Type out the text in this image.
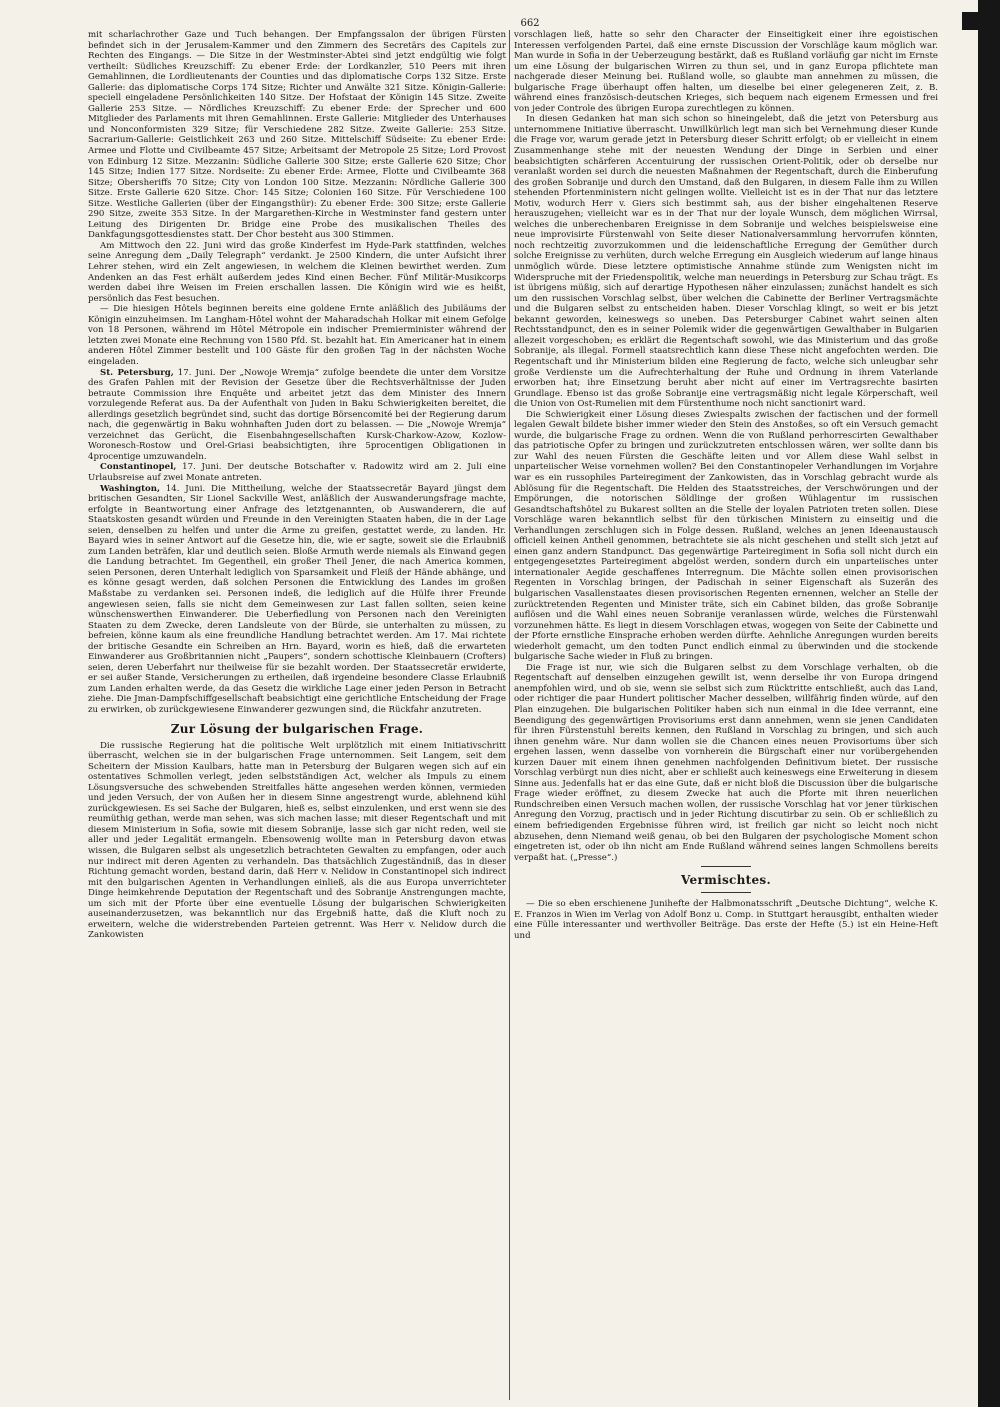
662

mit scharlachrother Gaze und Tuch behangen. Der Empfangssalon der übrigen Fürsten befindet sich in der Jerusalem-Kammer und den Zimmern des Secretärs des Capitels zur Rechten des Eingangs. — Die Sitze in der Westminster-Abtei sind jetzt endgültig wie folgt vertheilt: Südliches Kreuzschiff: Zu ebener Erde: der Lordkanzler, 510 Peers mit ihren Gemahlinnen, die Lordlieutenants der Counties und das diplomatische Corps 132 Sitze. Erste Gallerie: das diplomatische Corps 174 Sitze; Richter und Anwälte 321 Sitze. Königin-Gallerie: speciell eingeladene Persönlichkeiten 140 Sitze. Der Hofstaat der Königin 145 Sitze. Zweite Gallerie 253 Sitze. — Nördliches Kreuzschiff: Zu ebener Erde: der Sprecher und 600 Mitglieder des Parlaments mit ihren Gemahlinnen. Erste Gallerie: Mitglieder des Unterhauses und Nonconformisten 329 Sitze; für Verschiedene 282 Sitze. Zweite Gallerie: 253 Sitze. Sacrarium-Gallerie: Geistlichkeit 263 und 260 Sitze. Mittelschiff Südseite: Zu ebener Erde: Armee und Flotte und Civilbeamte 457 Sitze; Arbeitsamt der Metropole 25 Sitze; Lord Provost von Edinburg 12 Sitze. Mezzanin: Südliche Gallerie 300 Sitze; erste Gallerie 620 Sitze; Chor 145 Sitze; Indien 177 Sitze. Nordseite: Zu ebener Erde: Armee, Flotte und Civilbeamte 368 Sitze; Obersheriffs 70 Sitze; City von London 100 Sitze. Mezzanin: Nördliche Gallerie 300 Sitze. Erste Gallerie 620 Sitze. Chor: 145 Sitze; Colonien 160 Sitze. Für Verschiedene 100 Sitze. Westliche Gallerien (über der Eingangsthür): Zu ebener Erde: 300 Sitze; erste Gallerie 290 Sitze, zweite 353 Sitze. In der Margarethen-Kirche in Westminster fand gestern unter Leitung des Dirigenten Dr. Bridge eine Probe des musikalischen Theiles des Dankfagungsgottesdienstes statt. Der Chor besteht aus 300 Stimmen.

Am Mittwoch den 22. Juni wird das große Kinderfest im Hyde-Park stattfinden, welches seine Anregung dem „Daily Telegraph“ verdankt. Je 2500 Kindern, die unter Aufsicht ihrer Lehrer stehen, wird ein Zelt angewiesen, in welchem die Kleinen bewirthet werden. Zum Andenken an das Fest erhält außerdem jedes Kind einen Becher. Fünf Militär-Musikcorps werden dabei ihre Weisen im Freien erschallen lassen. Die Königin wird wie es heißt, persönlich das Fest besuchen.

— Die hiesigen Hôtels beginnen bereits eine goldene Ernte anläßlich des Jubiläums der Königin einzuheimsen. Im Langham-Hôtel wohnt der Maharadschah Holkar mit einem Gefolge von 18 Personen, während im Hôtel Métropole ein indischer Premierminister während der letzten zwei Monate eine Rechnung von 1580 Pfd. St. bezahlt hat. Ein Americaner hat in einem anderen Hôtel Zimmer bestellt und 100 Gäste für den großen Tag in der nächsten Woche eingeladen.

St. Petersburg, 17. Juni. Der „Nowoje Wremja“ zufolge beendete die unter dem Vorsitze des Grafen Pahlen mit der Revision der Gesetze über die Rechtsverhältnisse der Juden betraute Commission ihre Enquête und arbeitet jetzt das dem Minister des Innern vorzulegende Referat aus. Da der Aufenthalt von Juden in Baku Schwierigkeiten bereitet, die allerdings gesetzlich begründet sind, sucht das dortige Börsencomité bei der Regierung darum nach, die gegenwärtig in Baku wohnhaften Juden dort zu belassen. — Die „Nowoje Wremja“ verzeichnet das Gerücht, die Eisenbahngesellschaften Kursk-Charkow-Azow, Kozlow-Woronesch-Rostow und Orel-Griasi beabsichtigten, ihre 5procentigen Obligationen in 4procentige umzuwandeln.

Constantinopel, 17. Juni. Der deutsche Botschafter v. Radowitz wird am 2. Juli eine Urlaubsreise auf zwei Monate antreten.

Washington, 14. Juni. Die Mittheilung, welche der Staatssecretär Bayard jüngst dem britischen Gesandten, Sir Lionel Sackville West, anläßlich der Auswanderungsfrage machte, erfolgte in Beantwortung einer Anfrage des letztgenannten, ob Auswanderern, die auf Staatskosten gesandt würden und Freunde in den Vereinigten Staaten haben, die in der Lage seien, denselben zu helfen und unter die Arme zu greifen, gestattet werde, zu landen. Hr. Bayard wies in seiner Antwort auf die Gesetze hin, die, wie er sagte, soweit sie die Erlaubniß zum Landen beträfen, klar und deutlich seien. Bloße Armuth werde niemals als Einwand gegen die Landung betrachtet. Im Gegentheil, ein großer Theil Jener, die nach America kommen, seien Personen, deren Unterhalt lediglich von Sparsamkeit und Fleiß der Hände abhänge, und es könne gesagt werden, daß solchen Personen die Entwicklung des Landes im großen Maßstabe zu verdanken sei. Personen indeß, die lediglich auf die Hülfe ihrer Freunde angewiesen seien, falls sie nicht dem Gemeinwesen zur Last fallen sollten, seien keine wünschenswerthen Einwanderer. Die Ueberfiedlung von Personen nach den Vereinigten Staaten zu dem Zwecke, deren Landsleute von der Bürde, sie unterhalten zu müssen, zu befreien, könne kaum als eine freundliche Handlung betrachtet werden. Am 17. Mai richtete der britische Gesandte ein Schreiben an Hrn. Bayard, worin es hieß, daß die erwarteten Einwanderer aus Großbritannien nicht „Paupers“, sondern schottische Kleinbauern (Crofters) seien, deren Ueberfahrt nur theilweise für sie bezahlt worden. Der Staatssecretär erwiderte, er sei außer Stande, Versicherungen zu ertheilen, daß irgendeine besondere Classe Erlaubniß zum Landen erhalten werde, da das Gesetz die wirkliche Lage einer jeden Person in Betracht ziehe. Die Jman-Dampfschiffgesellschaft beabsichtigt eine gerichtliche Entscheidung der Frage zu erwirken, ob zurückgewiesene Einwanderer gezwungen sind, die Rückfahr anzutreten.

Zur Lösung der bulgarischen Frage.

Die russische Regierung hat die politische Welt urplötzlich mit einem Initiativschritt überrascht, welchen sie in der bulgarischen Frage unternommen. Seit Langem, seit dem Scheitern der Mission Kaulbars, hatte man in Petersburg der Bulgaren wegen sich auf ein ostentatives Schmollen verlegt, jeden selbstständigen Act, welcher als Impuls zu einem Lösungsversuche des schwebenden Streitfalles hätte angesehen werden können, vermieden und jeden Versuch, der von Außen her in diesem Sinne angestrengt wurde, ablehnend kühl zurückgewiesen. Es sei Sache der Bulgaren, hieß es, selbst einzulenken, und erst wenn sie des reumüthig gethan, werde man sehen, was sich machen lasse; mit dieser Regentschaft und mit diesem Ministerium in Sofia, sowie mit diesem Sobranije, lasse sich gar nicht reden, weil sie aller und jeder Legalität ermangeln. Ebensowenig wollte man in Petersburg davon etwas wissen, die Bulgaren selbst als ungesetzlich betrachteten Gewalten zu empfangen, oder auch nur indirect mit deren Agenten zu verhandeln. Das thatsächlich Zugeständniß, das in dieser Richtung gemacht worden, bestand darin, daß Herr v. Nelidow in Constantinopel sich indirect mit den bulgarischen Agenten in Verhandlungen einließ, als die aus Europa unverrichteter Dinge heimkehrende Deputation der Regentschaft und des Sobranije Anstrengungen machte, um sich mit der Pforte über eine eventuelle Lösung der bulgarischen Schwierigkeiten auseinanderzusetzen, was bekanntlich nur das Ergebniß hatte, daß die Kluft noch zu erweitern, welche die widerstrebenden Parteien getrennt. Was Herr v. Nelidow durch die Zankowisten

vorschlagen ließ, hatte so sehr den Character der Einseitigkeit einer ihre egoistischen Interessen verfolgenden Partei, daß eine ernste Discussion der Vorschläge kaum möglich war. Man wurde in Sofia in der Ueberzeugung bestärkt, daß es Rußland vorläufig gar nicht im Ernste um eine Lösung der bulgarischen Wirren zu thun sei, und in ganz Europa pflichtete man nachgerade dieser Meinung bei. Rußland wolle, so glaubte man annehmen zu müssen, die bulgarische Frage überhaupt offen halten, um dieselbe bei einer gelegeneren Zeit, z. B. während eines französisch-deutschen Krieges, sich bequem nach eigenem Ermessen und frei von jeder Controle des übrigen Europa zurechtlegen zu können.

In diesen Gedanken hat man sich schon so hineingelebt, daß die jetzt von Petersburg aus unternommene Initiative überrascht. Unwillkürlich legt man sich bei Vernehmung dieser Kunde die Frage vor, warum gerade jetzt in Petersburg dieser Schritt erfolgt; ob er vielleicht in einem Zusammenhange stehe mit der neuesten Wendung der Dinge in Serbien und einer beabsichtigten schärferen Accentuirung der russischen Orient-Politik, oder ob derselbe nur veranlaßt worden sei durch die neuesten Maßnahmen der Regentschaft, durch die Einberufung des großen Sobranije und durch den Umstand, daß den Bulgaren, in diesem Falle ihm zu Willen stehenden Pfortenministern nicht gelingen wollte. Vielleicht ist es in der That nur das letztere Motiv, wodurch Herr v. Giers sich bestimmt sah, aus der bisher eingehaltenen Reserve herauszugehen; vielleicht war es in der That nur der loyale Wunsch, dem möglichen Wirrsal, welches die unberechenbaren Ereignisse in dem Sobranije und welches beispielsweise eine neue improvisirte Fürstenwahl von Seite dieser Nationalversammlung hervorrufen könnten, noch rechtzeitig zuvorzukommen und die leidenschaftliche Erregung der Gemüther durch solche Ereignisse zu verhüten, durch welche Erregung ein Ausgleich wiederum auf lange hinaus unmöglich würde. Diese letztere optimistische Annahme stünde zum Wenigsten nicht im Widerspruche mit der Friedenspolitik, welche man neuerdings in Petersburg zur Schau trägt. Es ist übrigens müßig, sich auf derartige Hypothesen näher einzulassen; zunächst handelt es sich um den russischen Vorschlag selbst, über welchen die Cabinette der Berliner Vertragsmächte und die Bulgaren selbst zu entscheiden haben. Dieser Vorschlag klingt, so weit er bis jetzt bekannt geworden, keineswegs so uneben. Das Petersburger Cabinet wahrt seinen alten Rechtsstandpunct, den es in seiner Polemik wider die gegenwärtigen Gewalthaber in Bulgarien allezeit vorgeschoben; es erklärt die Regentschaft sowohl, wie das Ministerium und das große Sobranije, als illegal. Formell staatsrechtlich kann diese These nicht angefochten werden. Die Regentschaft und ihr Ministerium bilden eine Regierung de facto, welche sich unleugbar sehr große Verdienste um die Aufrechterhaltung der Ruhe und Ordnung in ihrem Vaterlande erworben hat; ihre Einsetzung beruht aber nicht auf einer im Vertragsrechte basirten Grundlage. Ebenso ist das große Sobranije eine vertragsmäßig nicht legale Körperschaft, weil die Union von Ost-Rumelien mit dem Fürstenthume noch nicht sanctionirt ward.

Die Schwierigkeit einer Lösung dieses Zwiespalts zwischen der factischen und der formell legalen Gewalt bildete bisher immer wieder den Stein des Anstoßes, so oft ein Versuch gemacht wurde, die bulgarische Frage zu ordnen. Wenn die von Rußland perhorrescirten Gewalthaber das patriotische Opfer zu bringen und zurückzutreten entschlossen wären, wer sollte dann bis zur Wahl des neuen Fürsten die Geschäfte leiten und vor Allem diese Wahl selbst in unparteiischer Weise vornehmen wollen? Bei den Constantinopeler Verhandlungen im Vorjahre war es ein russophiles Parteiregiment der Zankowisten, das in Vorschlag gebracht wurde als Ablösung für die Regentschaft. Die Helden des Staatsstreiches, der Verschwörungen und der Empörungen, die notorischen Söldlinge der großen Wühlagentur im russischen Gesandtschaftshôtel zu Bukarest sollten an die Stelle der loyalen Patrioten treten sollen. Diese Vorschläge waren bekanntlich selbst für den türkischen Ministern zu einseitig und die Verhandlungen zerschlugen sich in Folge dessen. Rußland, welches an jenen Ideenaustausch officiell keinen Antheil genommen, betrachtete sie als nicht geschehen und stellt sich jetzt auf einen ganz andern Standpunct. Das gegenwärtige Parteiregiment in Sofia soll nicht durch ein entgegengesetztes Parteiregiment abgelöst werden, sondern durch ein unparteiisches unter internationaler Aegide geschaffenes Interregnum. Die Mächte sollen einen provisorischen Regenten in Vorschlag bringen, der Padischah in seiner Eigenschaft als Suzerän des bulgarischen Vasallenstaates diesen provisorischen Regenten ernennen, welcher an Stelle der zurücktretenden Regenten und Minister träte, sich ein Cabinet bilden, das große Sobranije auflösen und die Wahl eines neuen Sobranije veranlassen würde, welches die Fürstenwahl vorzunehmen hätte. Es liegt in diesem Vorschlagen etwas, wogegen von Seite der Cabinette und der Pforte ernstliche Einsprache erhoben werden dürfte. Aehnliche Anregungen wurden bereits wiederholt gemacht, um den todten Punct endlich einmal zu überwinden und die stockende bulgarische Sache wieder in Fluß zu bringen.

Die Frage ist nur, wie sich die Bulgaren selbst zu dem Vorschlage verhalten, ob die Regentschaft auf denselben einzugehen gewillt ist, wenn derselbe ihr von Europa dringend anempfohlen wird, und ob sie, wenn sie selbst sich zum Rücktritte entschließt, auch das Land, oder richtiger die paar Hundert politischer Macher desselben, willfährig finden würde, auf den Plan einzugehen. Die bulgarischen Politiker haben sich nun einmal in die Idee verrannt, eine Beendigung des gegenwärtigen Provisoriums erst dann annehmen, wenn sie jenen Candidaten für ihren Fürstenstuhl bereits kennen, den Rußland in Vorschlag zu bringen, und sich auch ihnen genehm wäre. Nur dann wollen sie die Chancen eines neuen Provisoriums über sich ergehen lassen, wenn dasselbe von vornherein die Bürgschaft einer nur vorübergehenden kurzen Dauer mit einem ihnen genehmen nachfolgenden Definitivum bietet. Der russische Vorschlag verbürgt nun dies nicht, aber er schließt auch keineswegs eine Erweiterung in diesem Sinne aus. Jedenfalls hat er das eine Gute, daß er nicht bloß die Discussion über die bulgarische Frage wieder eröffnet, zu diesem Zwecke hat auch die Pforte mit ihren neuerlichen Rundschreiben einen Versuch machen wollen, der russische Vorschlag hat vor jener türkischen Anregung den Vorzug, practisch und in jeder Richtung discutirbar zu sein. Ob er schließlich zu einem befriedigenden Ergebnisse führen wird, ist freilich gar nicht so leicht noch nicht abzusehen, denn Niemand weiß genau, ob bei den Bulgaren der psychologische Moment schon eingetreten ist, oder ob ihn nicht am Ende Rußland während seines langen Schmollens bereits verpaßt hat. („Presse“.)

Vermischtes.

— Die so eben erschienene Junihefte der Halbmonatsschrift „Deutsche Dichtung“, welche K. E. Franzos in Wien im Verlag von Adolf Bonz u. Comp. in Stuttgart herausgibt, enthalten wieder eine Fülle interessanter und werthvoller Beiträge. Das erste der Hefte (5.) ist ein Heine-Heft und
